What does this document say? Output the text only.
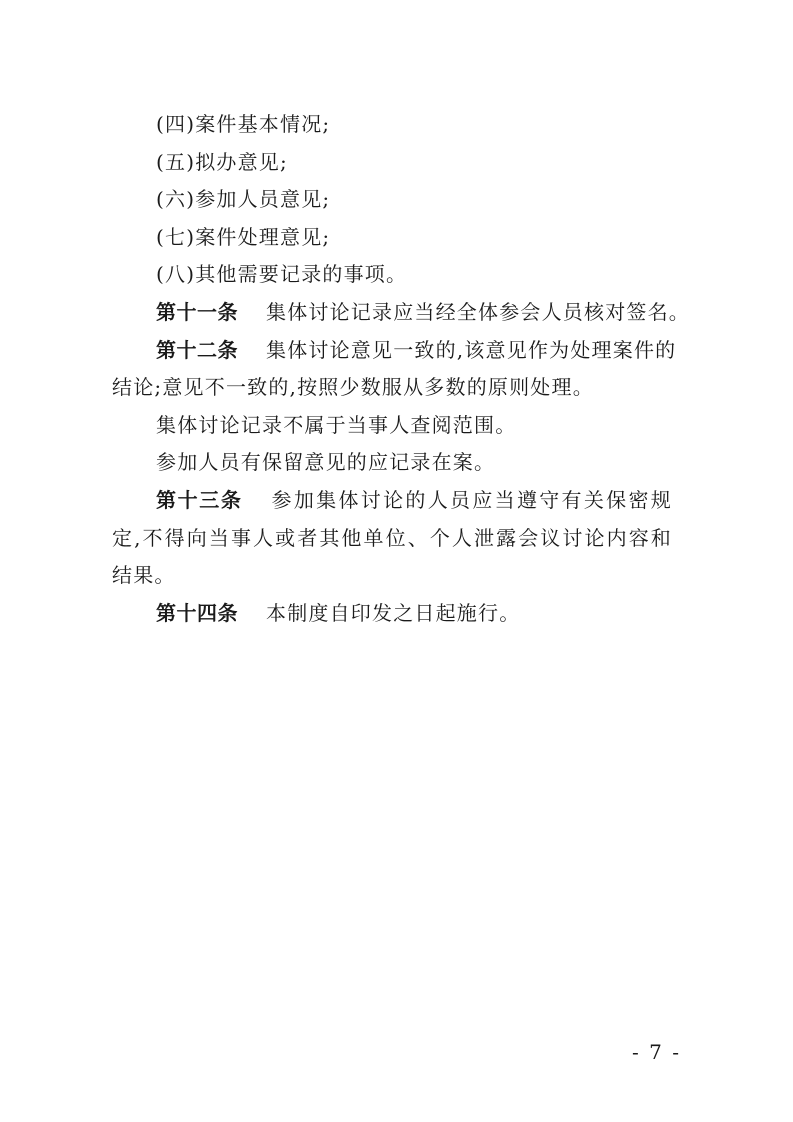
(四)案件基本情况;
(五)拟办意见;
(六)参加人员意见;
(七)案件处理意见;
(八)其他需要记录的事项。
第十一条 集体讨论记录应当经全体参会人员核对签名。
第十二条 集体讨论意见一致的,该意见作为处理案件的
结论;意见不一致的,按照少数服从多数的原则处理。
集体讨论记录不属于当事人查阅范围。
参加人员有保留意见的应记录在案。
第十三条 参加集体讨论的人员应当遵守有关保密规
定,不得向当事人或者其他单位、个人泄露会议讨论内容和
结果。
第十四条 本制度自印发之日起施行。
- 7 -
